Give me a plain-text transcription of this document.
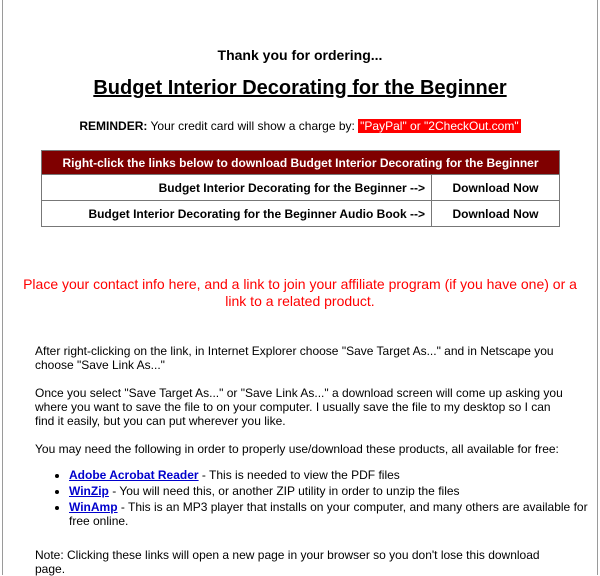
Thank you for ordering...
Budget Interior Decorating for the Beginner
REMINDER: Your credit card will show a charge by: "PayPal" or "2CheckOut.com"
Right-click the links below to download Budget Interior Decorating for the Beginner	
Budget Interior Decorating for the Beginner -->	Download Now
Budget Interior Decorating for the Beginner Audio Book -->	Download Now
Place your contact info here, and a link to join your affiliate program (if you have one) or a link to a related product.
After right-clicking on the link, in Internet Explorer choose "Save Target As..." and in Netscape you choose "Save Link As..."
Once you select "Save Target As..." or "Save Link As..." a download screen will come up asking you where you want to save the file to on your computer. I usually save the file to my desktop so I can find it easily, but you can put wherever you like.
You may need the following in order to properly use/download these products, all available for free:
• Adobe Acrobat Reader - This is needed to view the PDF files
• WinZip - You will need this, or another ZIP utility in order to unzip the files
• WinAmp - This is an MP3 player that installs on your computer, and many others are available for free online.
Note: Clicking these links will open a new page in your browser so you don't lose this download page.
